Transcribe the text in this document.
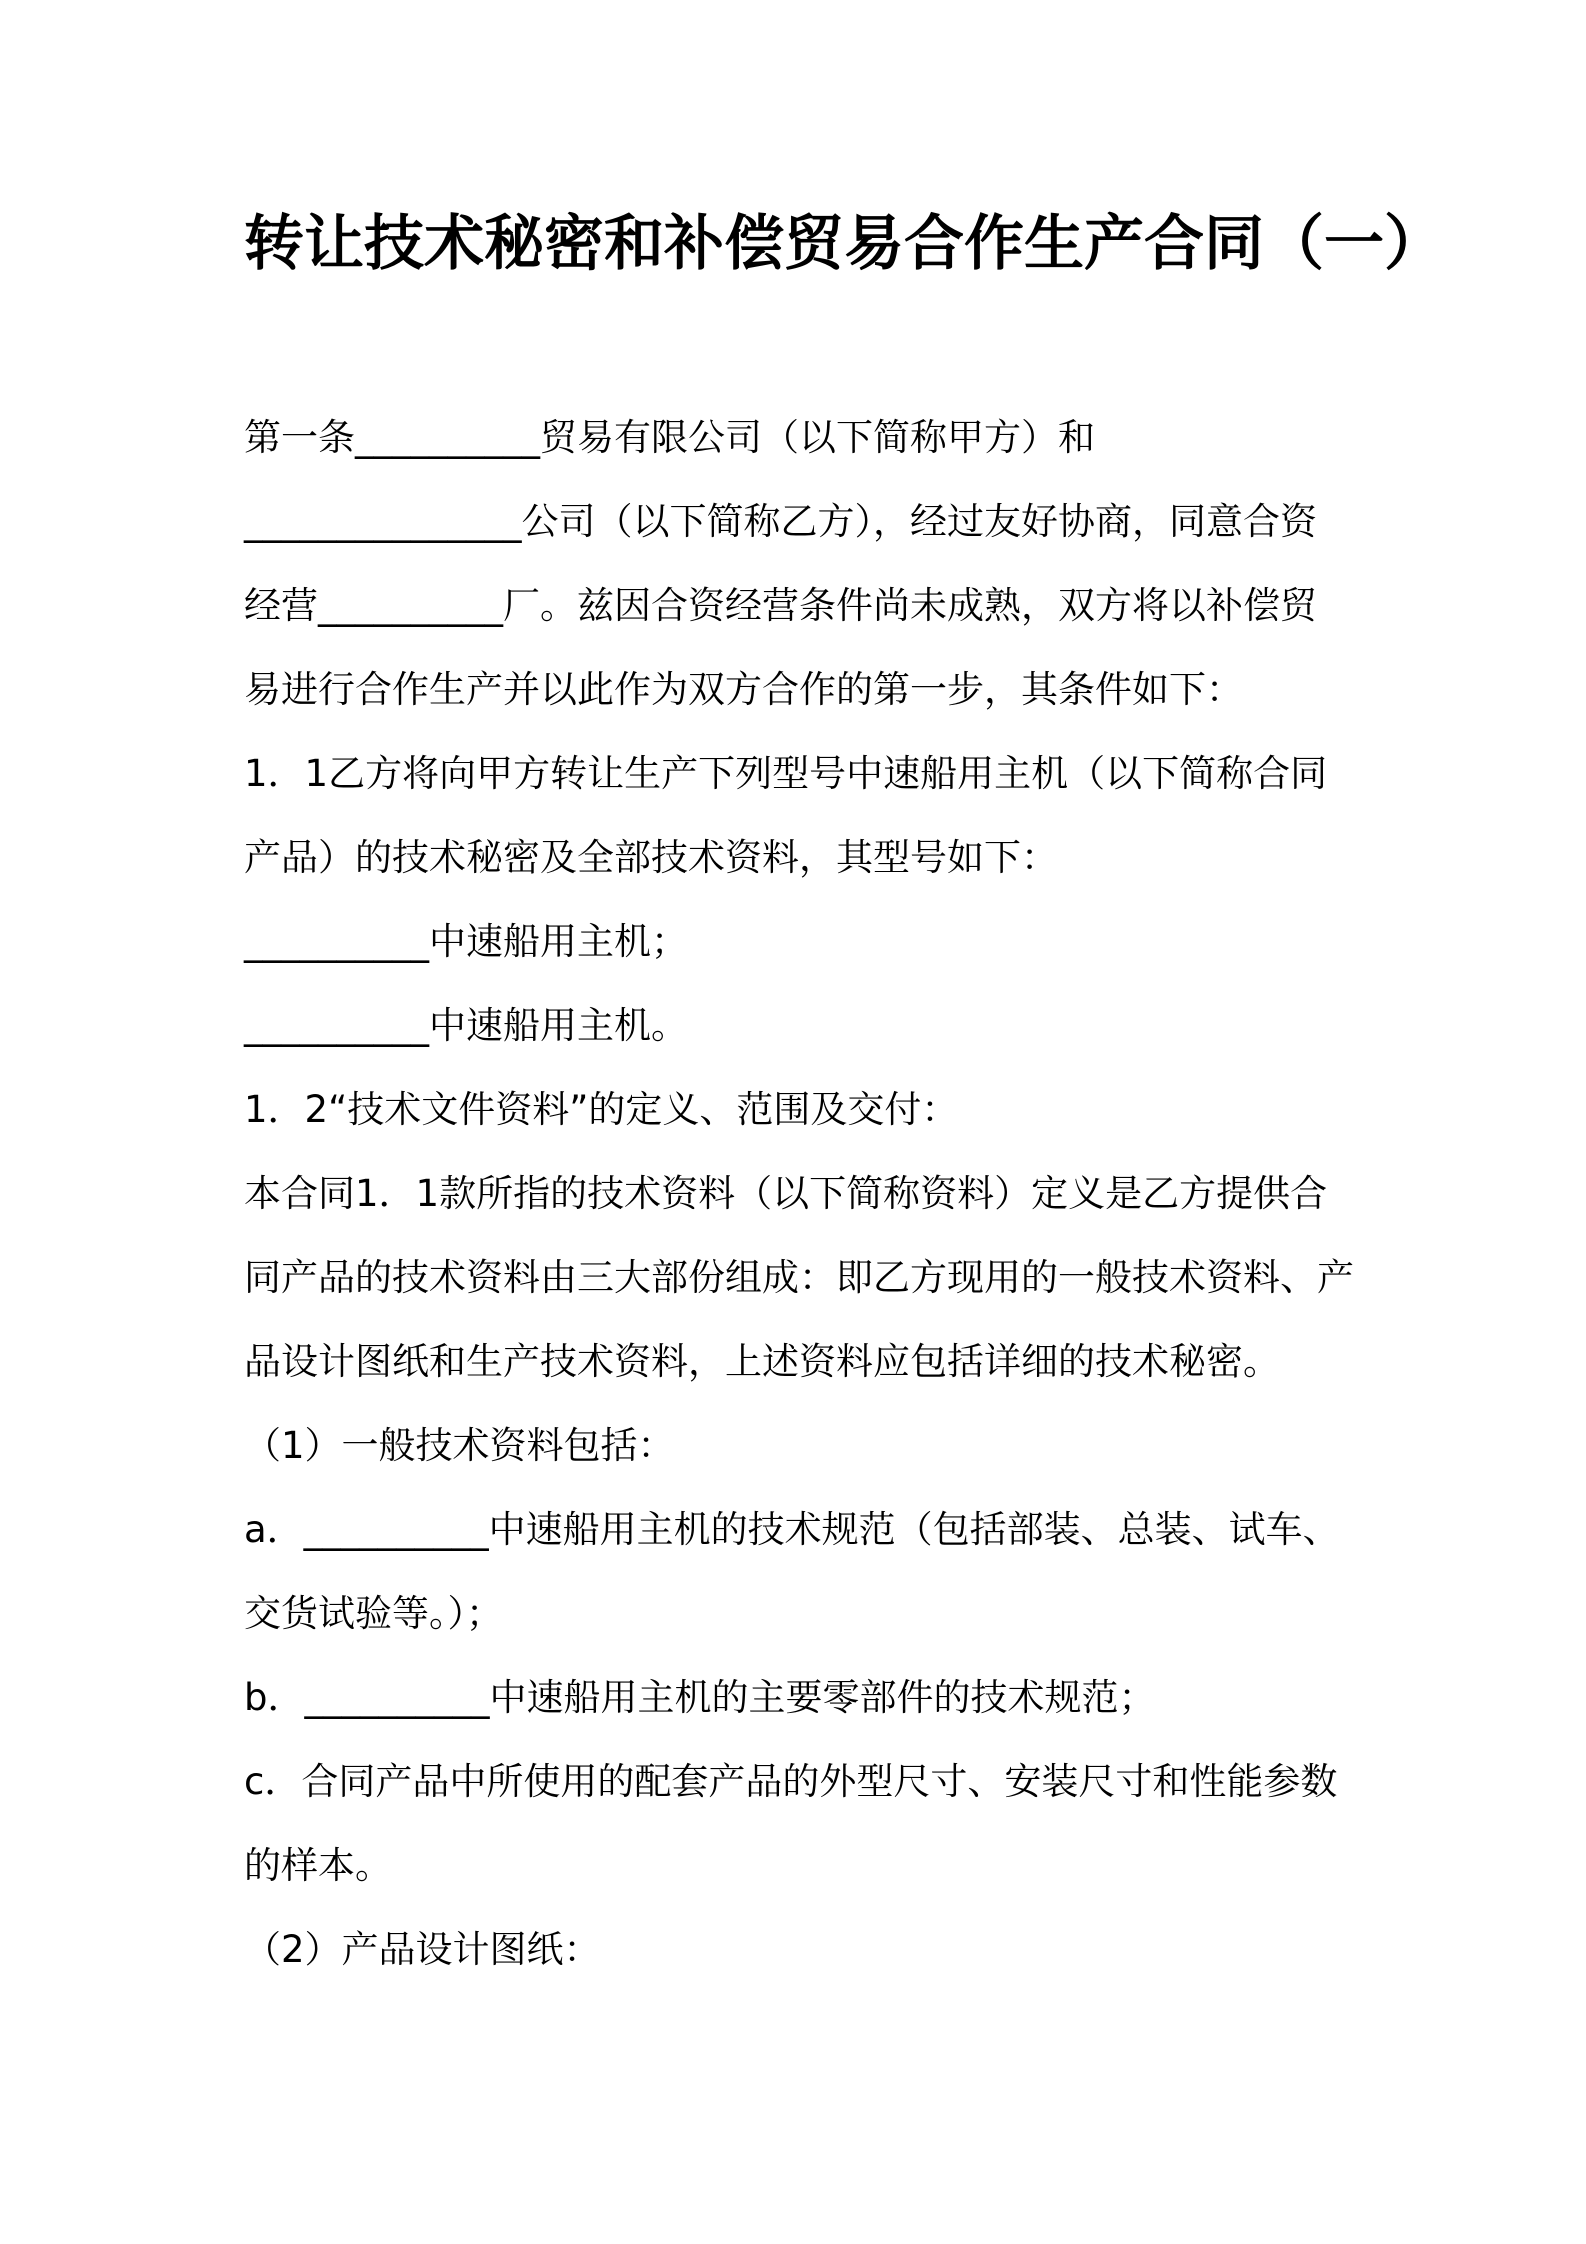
转让技术秘密和补偿贸易合作生产合同（一）
第一条__________贸易有限公司（以下简称甲方）和
_______________公司（以下简称乙方），经过友好协商，同意合资
经营__________厂。兹因合资经营条件尚未成熟，双方将以补偿贸
易进行合作生产并以此作为双方合作的第一步，其条件如下：
1．1乙方将向甲方转让生产下列型号中速船用主机（以下简称合同
产品）的技术秘密及全部技术资料，其型号如下：
__________中速船用主机；
__________中速船用主机。
1．2“技术文件资料”的定义、范围及交付：
本合同1．1款所指的技术资料（以下简称资料）定义是乙方提供合
同产品的技术资料由三大部份组成：即乙方现用的一般技术资料、产
品设计图纸和生产技术资料，上述资料应包括详细的技术秘密。
（1）一般技术资料包括：
a．__________中速船用主机的技术规范（包括部装、总装、试车、
交货试验等。）；
b．__________中速船用主机的主要零部件的技术规范；
c．合同产品中所使用的配套产品的外型尺寸、安装尺寸和性能参数
的样本。
（2）产品设计图纸：
